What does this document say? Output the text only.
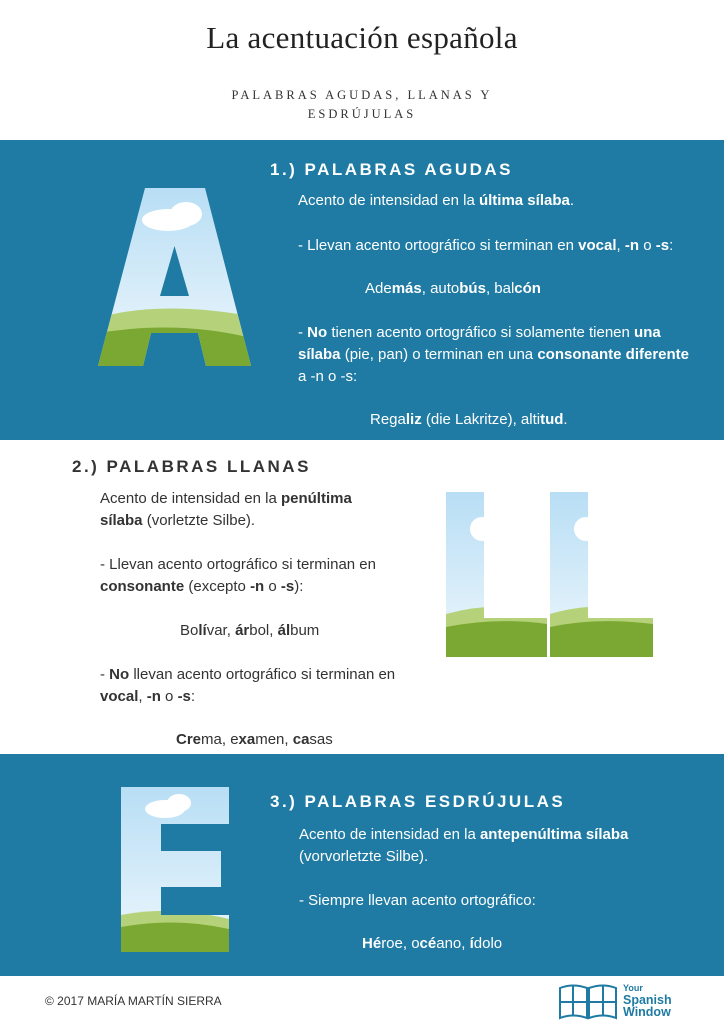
La acentuación española
PALABRAS AGUDAS, LLANAS Y ESDRÚJULAS
1.) PALABRAS AGUDAS
Acento de intensidad en la última sílaba.
- Llevan acento ortográfico si terminan en vocal, -n o -s:
Además, autobús, balcón
- No tienen acento ortográfico si solamente tienen una sílaba (pie, pan) o terminan en una consonante diferente a -n o -s:
Regaliz (die Lakritze), altitud.
2.) PALABRAS LLANAS
Acento de intensidad en la penúltima sílaba (vorletzte Silbe).
- Llevan acento ortográfico si terminan en consonante (excepto -n o -s):
Bolívar, árbol, álbum
- No llevan acento ortográfico si terminan en vocal, -n o -s:
Crema, examen, casas
3.) PALABRAS ESDRÚJULAS
Acento de intensidad en la antepenúltima sílaba (vorvorletzte Silbe).
- Siempre llevan acento ortográfico:
Héroe, océano, ídolo
© 2017 MARÍA MARTÍN SIERRA
Your
Spanish
Window
